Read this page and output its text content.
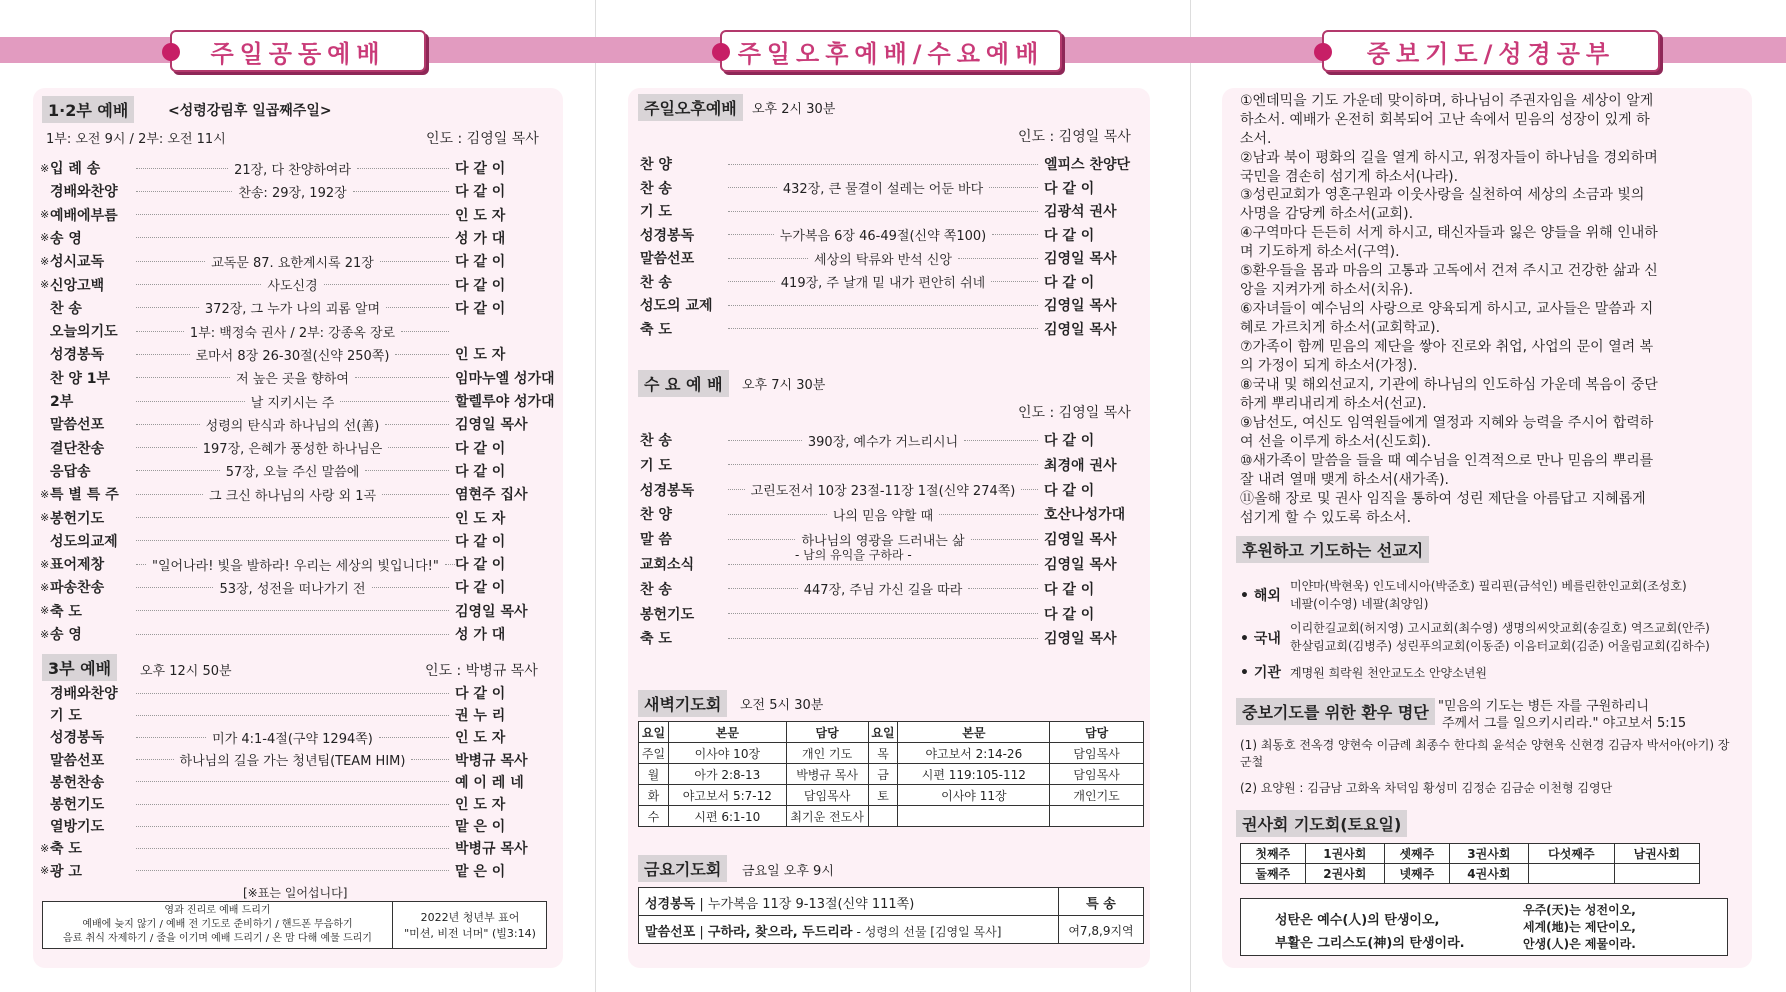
주일공동예배	주일오후예배/수요예배	중보기도/성경공부
1·2부 예배	<성령강림후 일곱째주일>
1부: 오전 9시 / 2부: 오전 11시	인도 : 김영일 목사
※ 입 례 송	21장, 다 찬양하여라	다 같 이
경배와찬양	찬송: 29장, 192장	다 같 이
※ 예배에부름	인 도 자
※ 송 영	성 가 대
※ 성시교독	교독문 87. 요한계시록 21장	다 같 이
※ 신앙고백	사도신경	다 같 이
찬 송	372장, 그 누가 나의 괴롬 알며	다 같 이
오늘의기도	1부: 백정숙 권사 / 2부: 강종옥 장로
성경봉독	로마서 8장 26-30절(신약 250쪽)	인 도 자
찬 양 1부	저 높은 곳을 향하여	임마누엘 성가대
2부	날 지키시는 주	할렐루야 성가대
말씀선포	성령의 탄식과 하나님의 선(善)	김영일 목사
결단찬송	197장, 은혜가 풍성한 하나님은	다 같 이
응답송	57장, 오늘 주신 말씀에	다 같 이
※ 특 별 특 주	그 크신 하나님의 사랑 외 1곡	염현주 집사
※ 봉헌기도	인 도 자
성도의교제	다 같 이
※ 표어제창	"일어나라! 빛을 발하라! 우리는 세상의 빛입니다!" 다 같 이
※ 파송찬송	53장, 성전을 떠나가기 전	다 같 이
※ 축 도	김영일 목사
※ 송 영	성 가 대
3부 예배	오후 12시 50분	인도 : 박병규 목사
경배와찬양	다 같 이
기 도	권 누 리
성경봉독	미가 4:1-4절(구약 1294쪽)	인 도 자
말씀선포	하나님의 길을 가는 청년팀(TEAM HIM)	박병규 목사
봉헌찬송	예 이 레 네
봉헌기도	인 도 자
열방기도	맡 은 이
※ 축 도	박병규 목사
※ 광 고	맡 은 이
[※표는 일어섭니다]
영과 진리로 예배 드리기
예배에 늦지 않기 / 예배 전 기도로 준비하기 / 핸드폰 무음하기
음료 취식 자제하기 / 줄을 이기며 예배 드리기 / 온 맘 다해 예물 드리기
2022년 청년부 표어
"미션, 비전 너머" (빌3:14)
주일오후예배	오후 2시 30분
인도 : 김영일 목사
찬 양	엘피스 찬양단
찬 송	432장, 큰 물결이 설레는 어둔 바다	다 같 이
기 도	김광석 권사
성경봉독	누가복음 6장 46-49절(신약 쪽100)	다 같 이
말씀선포	세상의 탁류와 반석 신앙	김영일 목사
찬 송	419장, 주 날개 밑 내가 편안히 쉬네	다 같 이
성도의 교제	김영일 목사
축 도	김영일 목사
수 요 예 배	오후 7시 30분
인도 : 김영일 목사
찬 송	390장, 예수가 거느리시니	다 같 이
기 도	최경애 권사
성경봉독	고린도전서 10장 23절-11장 1절(신약 274쪽) 다 같 이
찬 양	나의 믿음 약할 때	호산나성가대
말 씀	하나님의 영광을 드러내는 삶	김영일 목사
- 남의 유익을 구하라 -
교회소식	김영일 목사
찬 송	447장, 주님 가신 길을 따라	다 같 이
봉헌기도	다 같 이
축 도	김영일 목사
새벽기도회	오전 5시 30분
요일	본문	담당	요일	본문	담당
주일	이사야 10장	개인 기도	목	야고보서 2:14-26	담임목사
월	아가 2:8-13	박병규 목사	금	시편 119:105-112	담임목사
화	야고보서 5:7-12	담임목사	토	이사야 11장	개인기도
수	시편 6:1-10	최기운 전도사			
금요기도회	금요일 오후 9시
성경봉독 | 누가복음 11장 9-13절(신약 111쪽)	특 송
말씀선포 | 구하라, 찾으라, 두드리라 - 성령의 선물 [김영일 목사]	여7,8,9지역
①엔데믹을 기도 가운데 맞이하며, 하나님이 주권자임을 세상이 알게하소서. 예배가 온전히 회복되어 고난 속에서 믿음의 성장이 있게 하소서.
②남과 북이 평화의 길을 열게 하시고, 위정자들이 하나님을 경외하며 국민을 겸손히 섬기게 하소서(나라).
③성린교회가 영혼구원과 이웃사랑을 실천하여 세상의 소금과 빛의 사명을 감당케 하소서(교회).
④구역마다 든든히 서게 하시고, 태신자들과 잃은 양들을 위해 인내하며 기도하게 하소서(구역).
⑤환우들을 몸과 마음의 고통과 고독에서 건져 주시고 건강한 삶과 신앙을 지켜가게 하소서(치유).
⑥자녀들이 예수님의 사랑으로 양육되게 하시고, 교사들은 말씀과 지혜로 가르치게 하소서(교회학교).
⑦가족이 함께 믿음의 제단을 쌓아 진로와 취업, 사업의 문이 열려 복의 가정이 되게 하소서(가정).
⑧국내 및 해외선교지, 기관에 하나님의 인도하심 가운데 복음이 중단하게 뿌리내리게 하소서(선교).
⑨남선도, 여신도 임역원들에게 열정과 지혜와 능력을 주시어 합력하여 선을 이루게 하소서(신도회).
⑩새가족이 말씀을 들을 때 예수님을 인격적으로 만나 믿음의 뿌리를 잘 내려 열매 맺게 하소서(새가족).
⑪올해 장로 및 권사 임직을 통하여 성린 제단을 아름답고 지혜롭게 섬기게 할 수 있도록 하소서.
후원하고 기도하는 선교지
• 해외
미얀마(박현욱) 인도네시아(박준호) 필리핀(금석인) 베를린한인교회(조성호)
네팔(이수영) 네팔(최양임)
• 국내
이리한길교회(허지영) 고시교회(최수영) 생명의씨앗교회(송길호) 역즈교회(안주)
한살림교회(김병주) 성린푸의교회(이동준) 이음터교회(김준) 어울림교회(김하수)
• 기관 계명원 희락원 천안교도소 안양소년원
중보기도를 위한 환우 명단 "믿음의 기도는 병든 자를 구원하리니
주께서 그를 일으키시리라." 야고보서 5:15
(1) 최동호 전옥경 양현숙 이금례 최종수 한다희 윤석순 양현욱 신현경 김금자 박서아(아기) 장군철
(2) 요양원 : 김금남 고화옥 차덕임 황성미 김정순 김금순 이천형 김영단
권사회 기도회(토요일)
첫째주	1권사회	셋째주	3권사회	다섯째주	남권사회
둘째주	2권사회	넷째주	4권사회		
성탄은 예수(人)의 탄생이오,
부활은 그리스도(神)의 탄생이라.
우주(天)는 성전이오,
세계(地)는 제단이오,
안생(人)은 제물이라.
